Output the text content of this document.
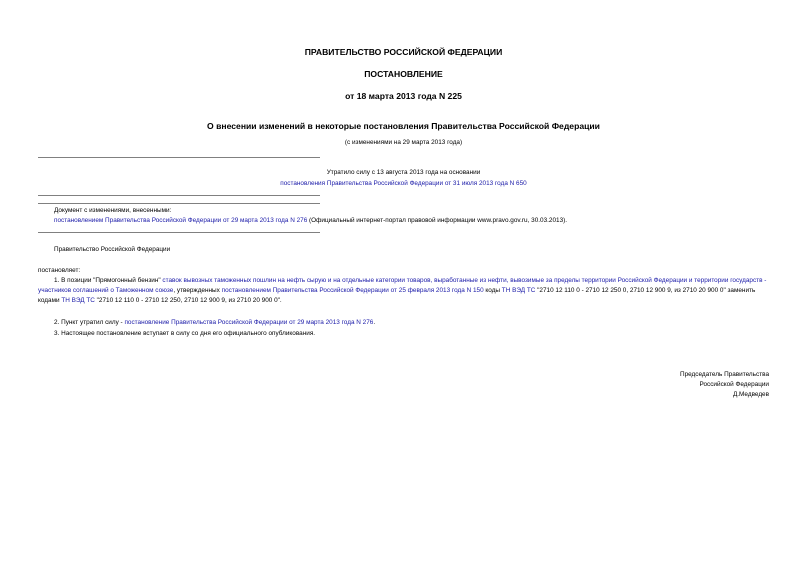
ПРАВИТЕЛЬСТВО РОССИЙСКОЙ ФЕДЕРАЦИИ
ПОСТАНОВЛЕНИЕ
от 18 марта 2013 года N 225
О внесении изменений в некоторые постановления Правительства Российской Федерации
(с изменениями на 29 марта 2013 года)
Утратило силу с 13 августа 2013 года на основании
постановления Правительства Российской Федерации от 31 июля 2013 года N 650
Документ с изменениями, внесенными:
постановлением Правительства Российской Федерации от 29 марта 2013 года N 276 (Официальный интернет-портал правовой информации www.pravo.gov.ru, 30.03.2013).
Правительство Российской Федерации
постановляет:
1. В позиции "Прямогонный бензин" ставок вывозных таможенных пошлин на нефть сырую и на отдельные категории товаров, выработанные из нефти, вывозимые за пределы территории Российской Федерации и территории государств - участников соглашений о Таможенном союзе, утвержденных постановлением Правительства Российской Федерации от 25 февраля 2013 года N 150 коды ТН ВЭД ТС "2710 12 110 0 - 2710 12 250 0, 2710 12 900 9, из 2710 20 900 0" заменить кодами ТН ВЭД ТС "2710 12 110 0 - 2710 12 250, 2710 12 900 9, из 2710 20 900 0".
2. Пункт утратил силу - постановление Правительства Российской Федерации от 29 марта 2013 года N 276.
3. Настоящее постановление вступает в силу со дня его официального опубликования.
Председатель Правительства
Российской Федерации
Д.Медведев
